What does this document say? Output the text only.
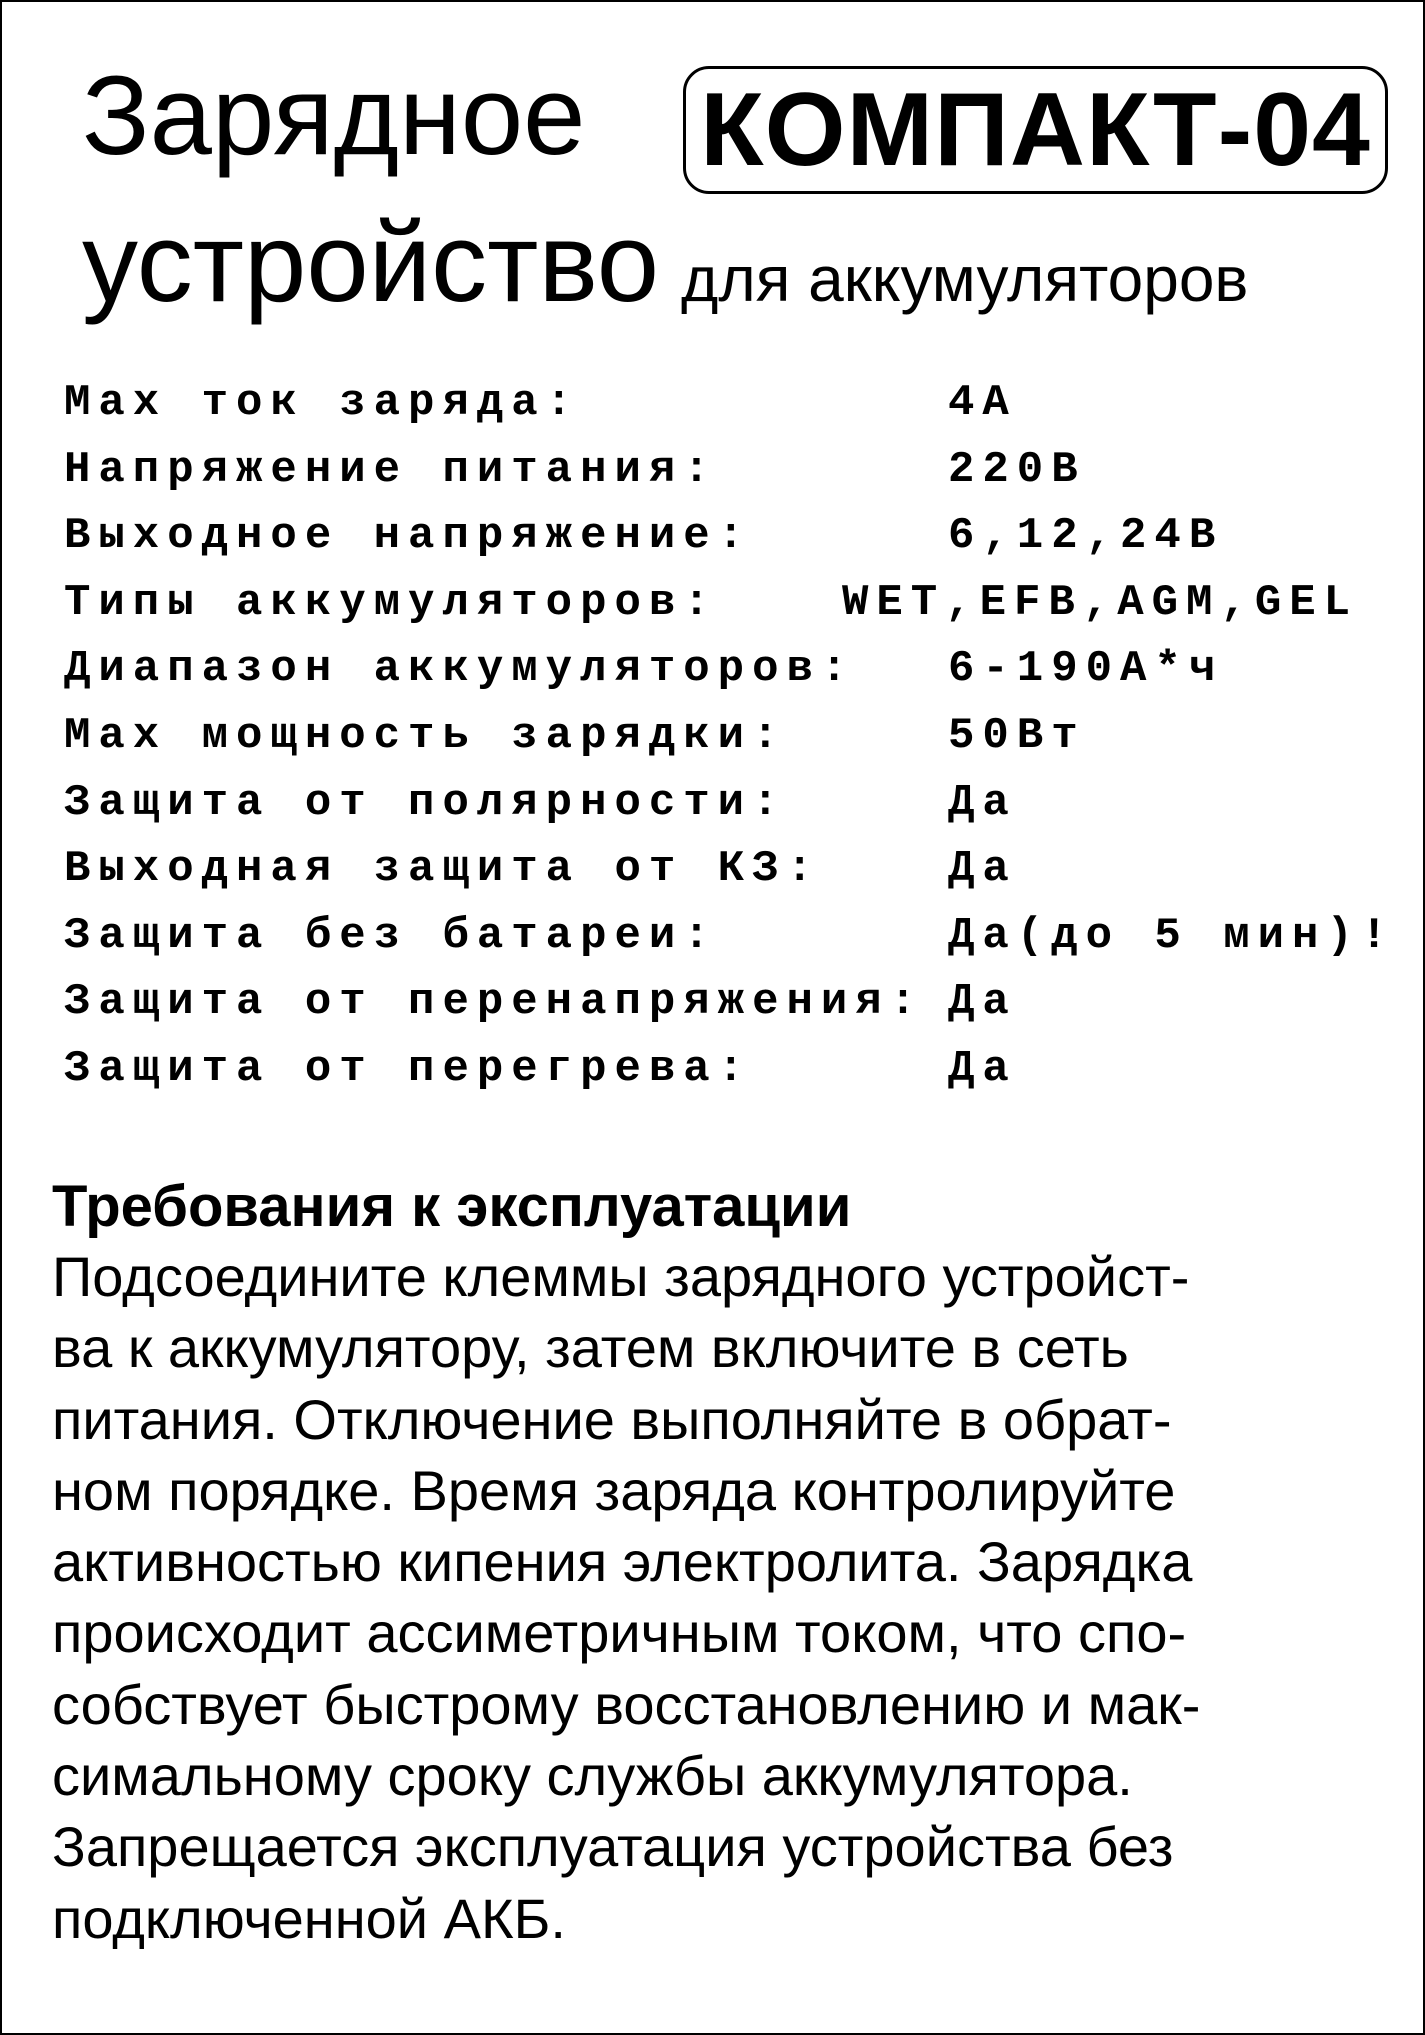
Зарядное КОМПАКТ-04
устройство для аккумуляторов

Max ток заряда:

	4А

Напряжение питания:

	220В

Выходное напряжение:

	6,12,24В

Типы аккумуляторов:

	WET,EFB,AGM,GEL

Диапазон аккумуляторов:

6-190А*ч

Max мощность зарядки:

	50Вт

Защита от полярности:

	Да

Выходная защита от КЗ:

	Да

Защита без батареи:

	Да(до 5 мин)!

Защита от перенапряжения:

Да

Защита от перегрева:

	Да

Требования к эксплуатации
Подсоедините клеммы зарядного устройст-
ва к аккумулятору, затем включите в сеть
питания. Отключение выполняйте в обрат-
ном порядке. Время заряда контролируйте
активностью кипения электролита. Зарядка
происходит ассиметричным током, что спо-
собствует быстрому восстановлению и мак-
симальному сроку службы аккумулятора.
Запрещается эксплуатация устройства без
подключенной АКБ.
